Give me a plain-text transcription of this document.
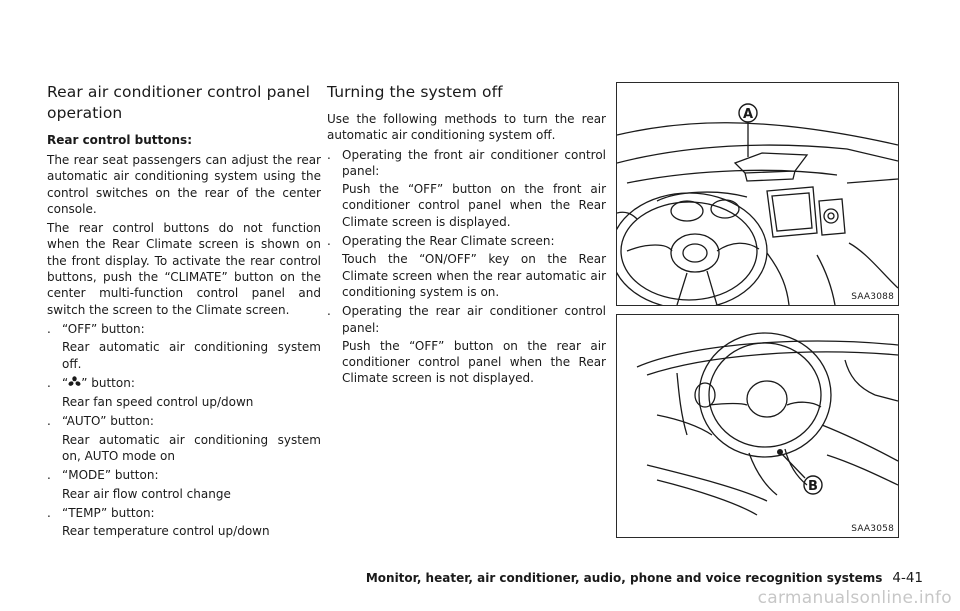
Rear air conditioner control panel operation
Rear control buttons:
The rear seat passengers can adjust the rear automatic air conditioning system using the control switches on the rear of the center console.
The rear control buttons do not function when the Rear Climate screen is shown on the front display. To activate the rear control buttons, push the “CLIMATE” button on the center multi-function control panel and switch the screen to the Climate screen.
. “OFF” button:
Rear automatic air conditioning system off.
. “ ” button:
Rear fan speed control up/down
. “AUTO” button:
Rear automatic air conditioning system on, AUTO mode on
. “MODE” button:
Rear air flow control change
. “TEMP” button:
Rear temperature control up/down
Turning the system off
Use the following methods to turn the rear automatic air conditioning system off.
. Operating the front air conditioner control panel:
Push the “OFF” button on the front air conditioner control panel when the Rear Climate screen is displayed.
. Operating the Rear Climate screen:
Touch the “ON/OFF” key on the Rear Climate screen when the rear automatic air conditioning system is on.
. Operating the rear air conditioner control panel:
Push the “OFF” button on the rear air conditioner control panel when the Rear Climate screen is not displayed.
A
SAA3088
B
SAA3058
Monitor, heater, air conditioner, audio, phone and voice recognition systems 4-41
carmanualsonline.info
